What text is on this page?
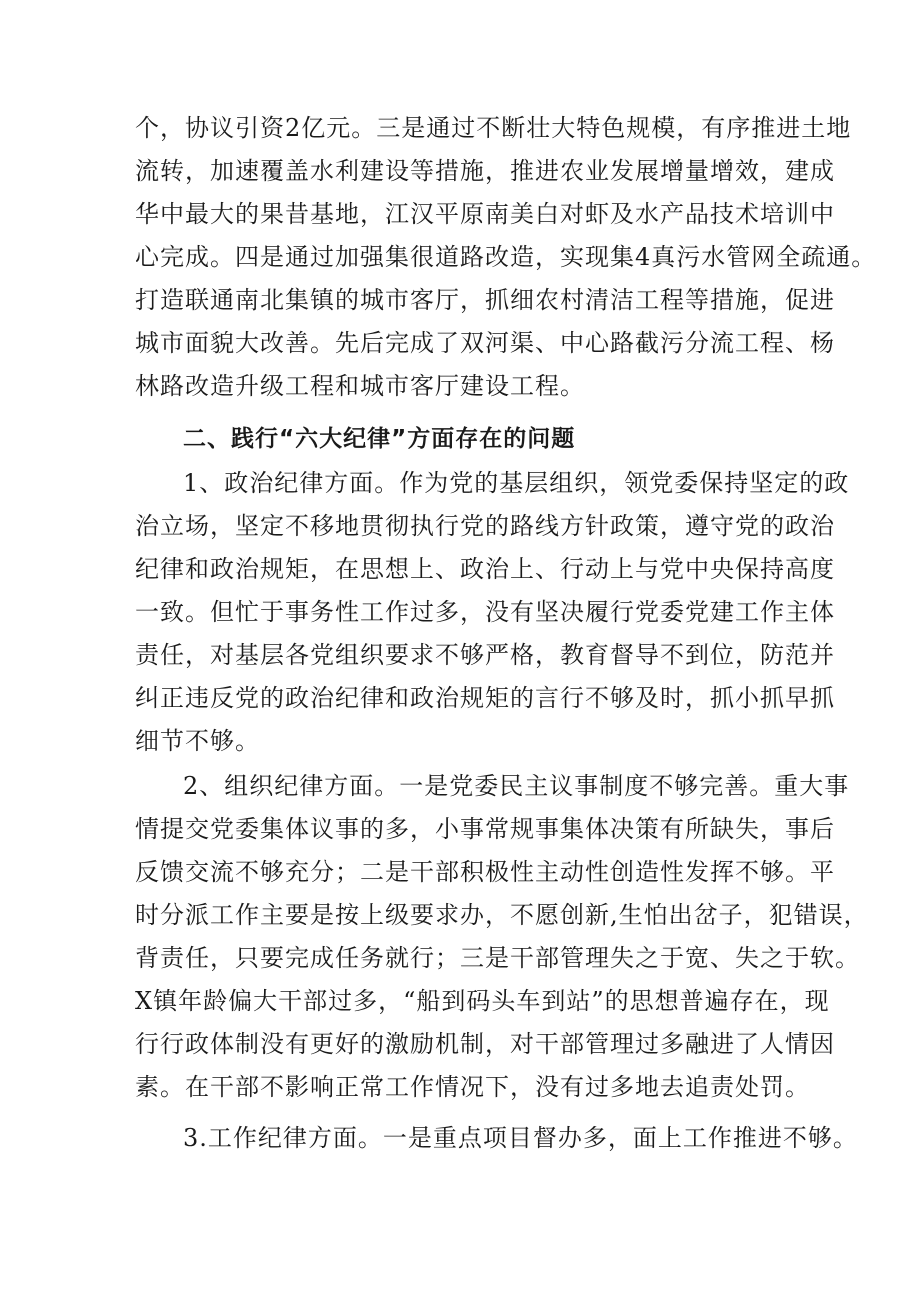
个，协议引资2亿元。三是通过不断壮大特色规模，有序推进土地
流转，加速覆盖水利建设等措施，推进农业发展增量增效，建成
华中最大的果昔基地，江汉平原南美白对虾及水产品技术培训中
心完成。四是通过加强集很道路改造，实现集4真污水管网全疏通。
打造联通南北集镇的城市客厅，抓细农村清洁工程等措施，促进
城市面貌大改善。先后完成了双河渠、中心路截污分流工程、杨
林路改造升级工程和城市客厅建设工程。
二、践行“六大纪律”方面存在的问题
1、政治纪律方面。作为党的基层组织，领党委保持坚定的政
治立场，坚定不移地贯彻执行党的路线方针政策，遵守党的政治
纪律和政治规矩，在思想上、政治上、行动上与党中央保持高度
一致。但忙于事务性工作过多，没有坚决履行党委党建工作主体
责任，对基层各党组织要求不够严格，教育督导不到位，防范并
纠正违反党的政治纪律和政治规矩的言行不够及时，抓小抓早抓
细节不够。
2、组织纪律方面。一是党委民主议事制度不够完善。重大事
情提交党委集体议事的多，小事常规事集体决策有所缺失，事后
反馈交流不够充分；二是干部积极性主动性创造性发挥不够。平
时分派工作主要是按上级要求办，不愿创新,生怕出岔子，犯错误，
背责任，只要完成任务就行；三是干部管理失之于宽、失之于软。
X镇年龄偏大干部过多，“船到码头车到站”的思想普遍存在，现
行行政体制没有更好的激励机制，对干部管理过多融进了人情因
素。在干部不影响正常工作情况下，没有过多地去追责处罚。
3.工作纪律方面。一是重点项目督办多，面上工作推进不够。
